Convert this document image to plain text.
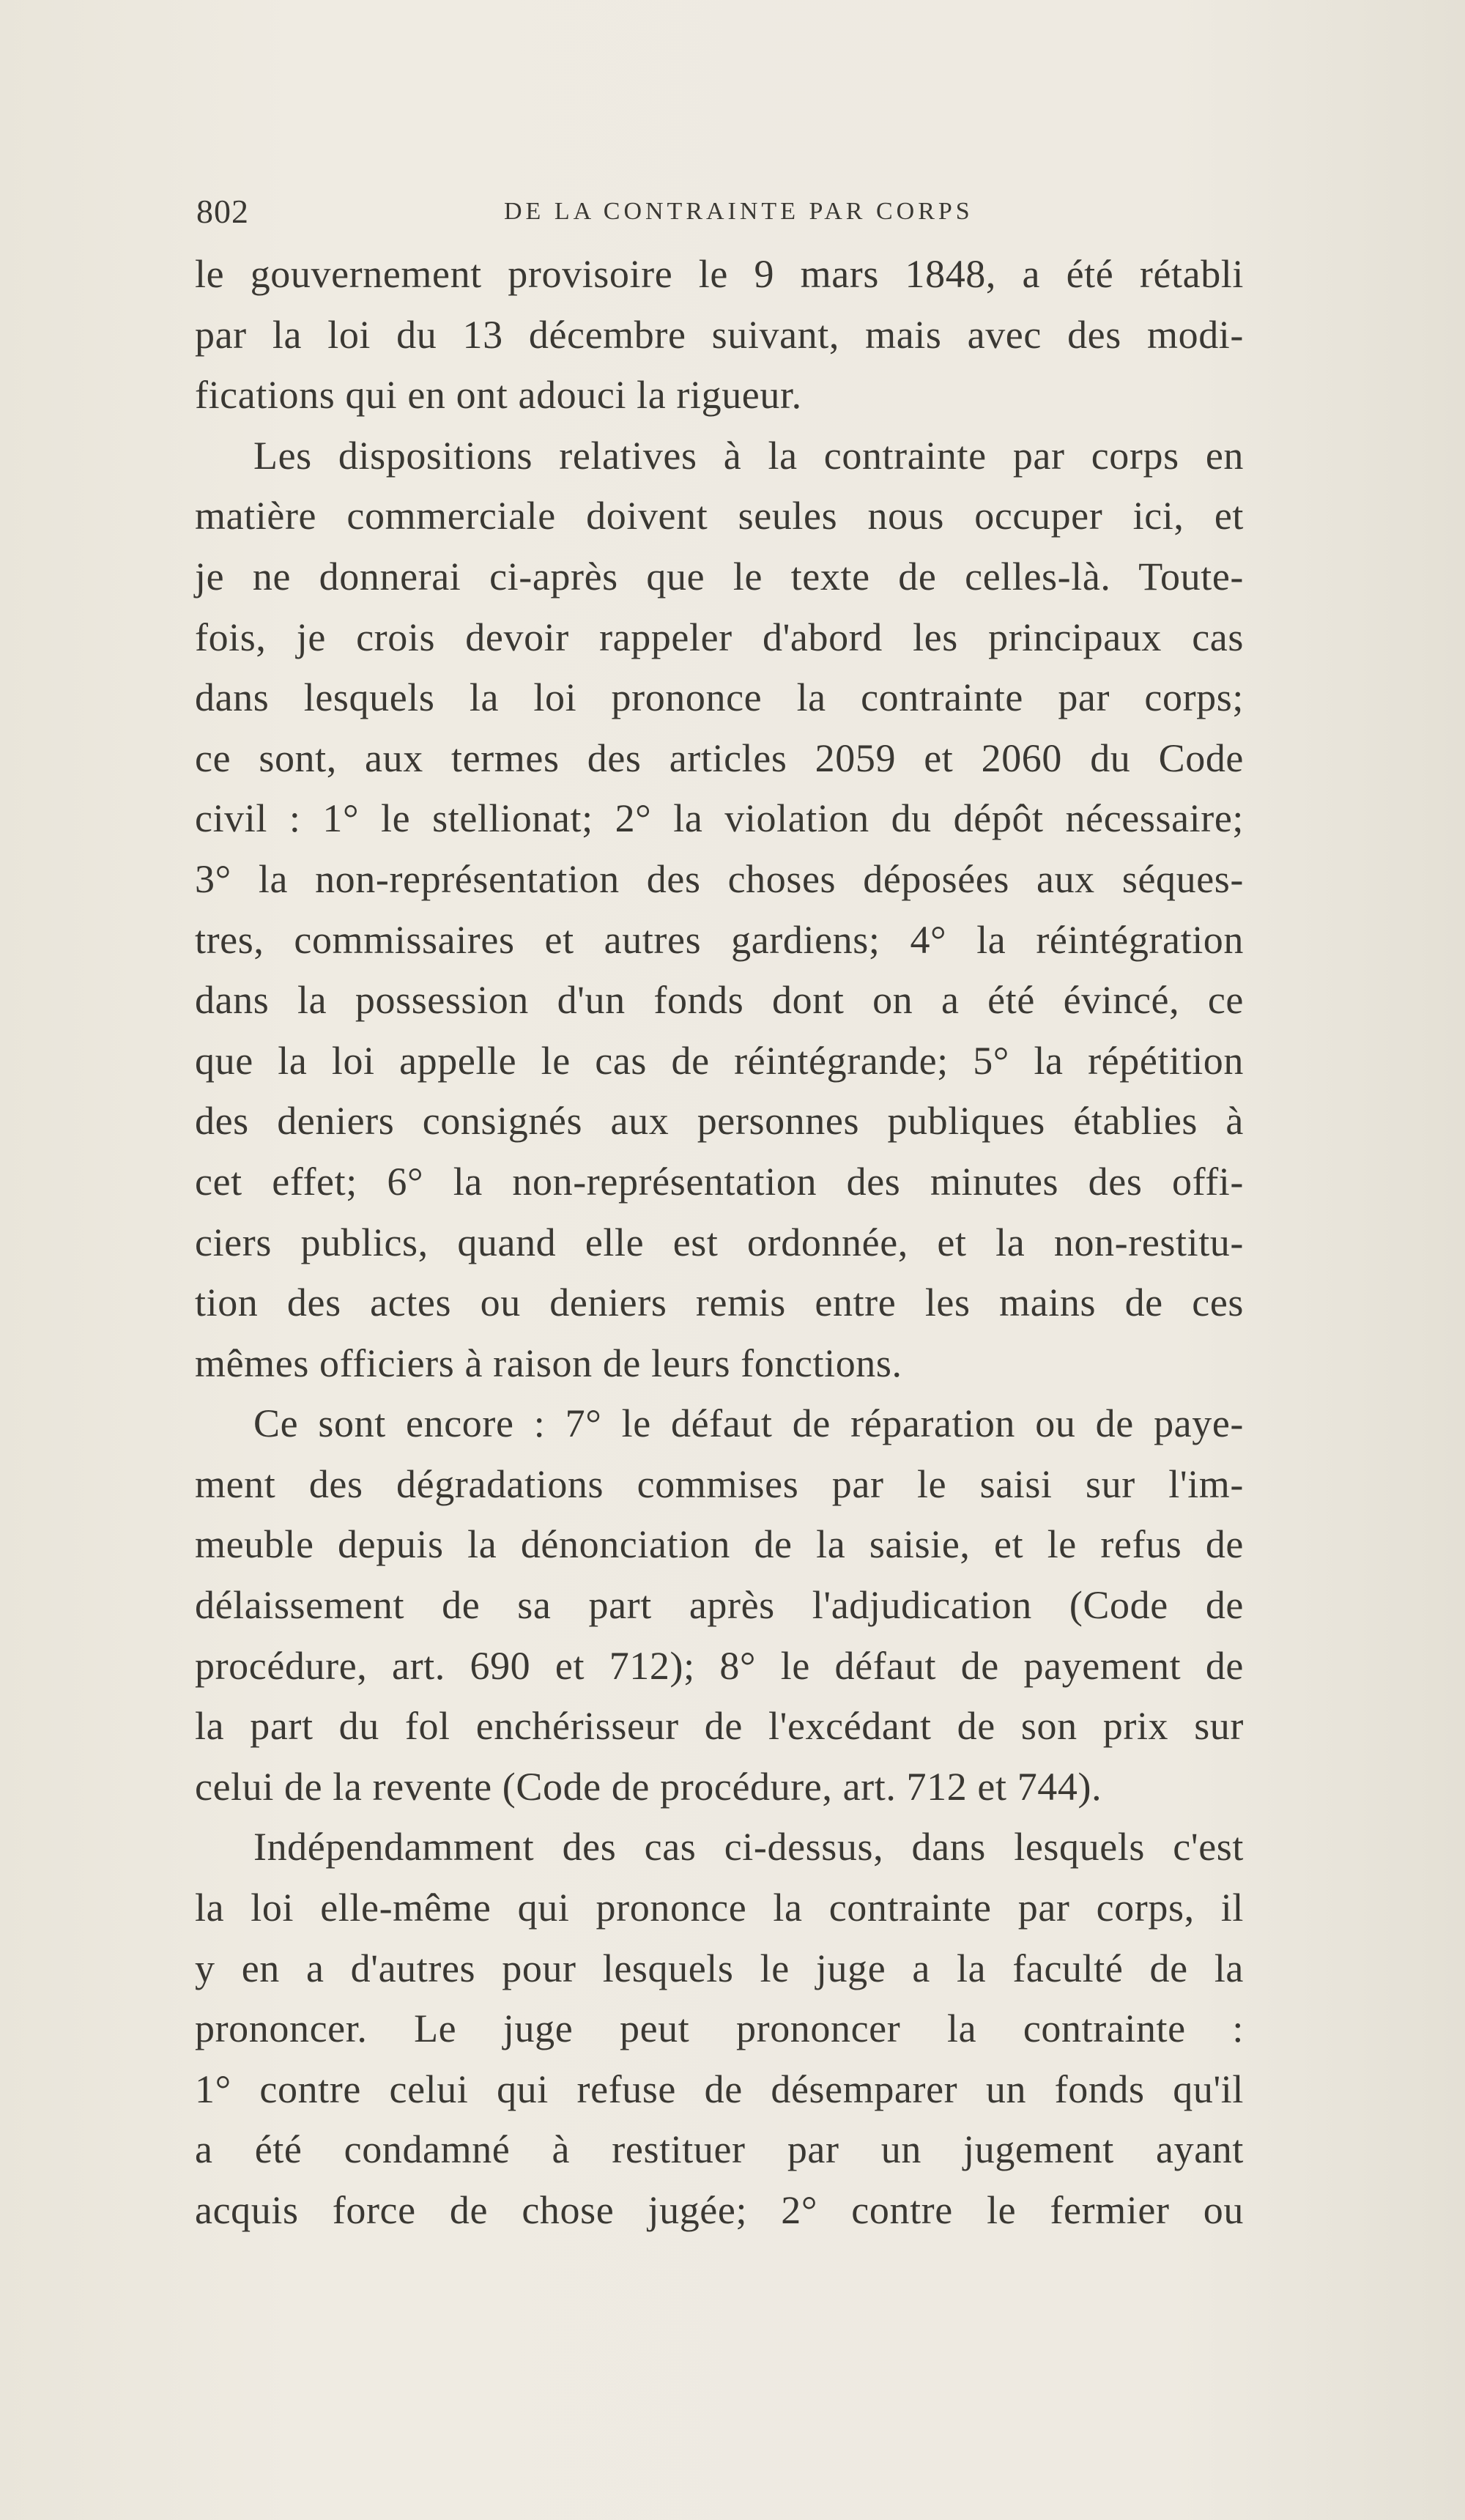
802	DE LA CONTRAINTE PAR CORPS
le gouvernement provisoire le 9 mars 1848, a été rétabli
par la loi du 13 décembre suivant, mais avec des modi-
fications qui en ont adouci la rigueur.
Les dispositions relatives à la contrainte par corps en
matière commerciale doivent seules nous occuper ici, et
je ne donnerai ci-après que le texte de celles-là. Toute-
fois, je crois devoir rappeler d'abord les principaux cas
dans lesquels la loi prononce la contrainte par corps;
ce sont, aux termes des articles 2059 et 2060 du Code
civil : 1° le stellionat; 2° la violation du dépôt nécessaire;
3° la non-représentation des choses déposées aux séques-
tres, commissaires et autres gardiens; 4° la réintégration
dans la possession d'un fonds dont on a été évincé, ce
que la loi appelle le cas de réintégrande; 5° la répétition
des deniers consignés aux personnes publiques établies à
cet effet; 6° la non-représentation des minutes des offi-
ciers publics, quand elle est ordonnée, et la non-restitu-
tion des actes ou deniers remis entre les mains de ces
mêmes officiers à raison de leurs fonctions.
Ce sont encore : 7° le défaut de réparation ou de paye-
ment des dégradations commises par le saisi sur l'im-
meuble depuis la dénonciation de la saisie, et le refus de
délaissement de sa part après l'adjudication (Code de
procédure, art. 690 et 712); 8° le défaut de payement de
la part du fol enchérisseur de l'excédant de son prix sur
celui de la revente (Code de procédure, art. 712 et 744).
Indépendamment des cas ci-dessus, dans lesquels c'est
la loi elle-même qui prononce la contrainte par corps, il
y en a d'autres pour lesquels le juge a la faculté de la
prononcer. Le juge peut prononcer la contrainte :
1° contre celui qui refuse de désemparer un fonds qu'il
a été condamné à restituer par un jugement ayant
acquis force de chose jugée; 2° contre le fermier ou
